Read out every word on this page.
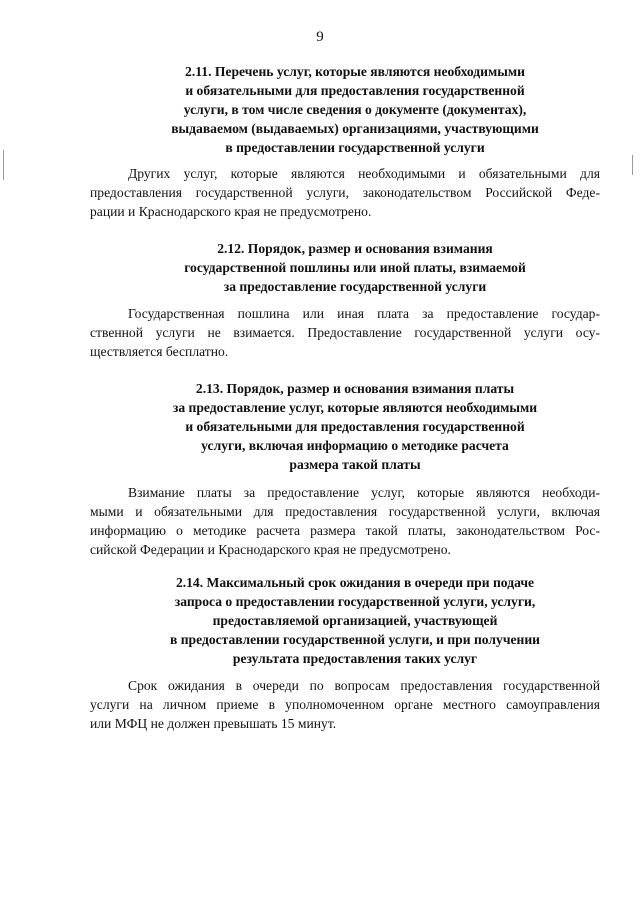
9
2.11. Перечень услуг, которые являются необходимыми
и обязательными для предоставления государственной
услуги, в том числе сведения о документе (документах),
выдаваемом (выдаваемых) организациями, участвующими
в предоставлении государственной услуги
Других услуг, которые являются необходимыми и обязательными для
предоставления государственной услуги, законодательством Российской Феде-
рации и Краснодарского края не предусмотрено.
2.12. Порядок, размер и основания взимания
государственной пошлины или иной платы, взимаемой
за предоставление государственной услуги
Государственная пошлина или иная плата за предоставление государ-
ственной услуги не взимается. Предоставление государственной услуги осу-
ществляется бесплатно.
2.13. Порядок, размер и основания взимания платы
за предоставление услуг, которые являются необходимыми
и обязательными для предоставления государственной
услуги, включая информацию о методике расчета
размера такой платы
Взимание платы за предоставление услуг, которые являются необходи-
мыми и обязательными для предоставления государственной услуги, включая
информацию о методике расчета размера такой платы, законодательством Рос-
сийской Федерации и Краснодарского края не предусмотрено.
2.14. Максимальный срок ожидания в очереди при подаче
запроса о предоставлении государственной услуги, услуги,
предоставляемой организацией, участвующей
в предоставлении государственной услуги, и при получении
результата предоставления таких услуг
Срок ожидания в очереди по вопросам предоставления государственной
услуги на личном приеме в уполномоченном органе местного самоуправления
или МФЦ не должен превышать 15 минут.
